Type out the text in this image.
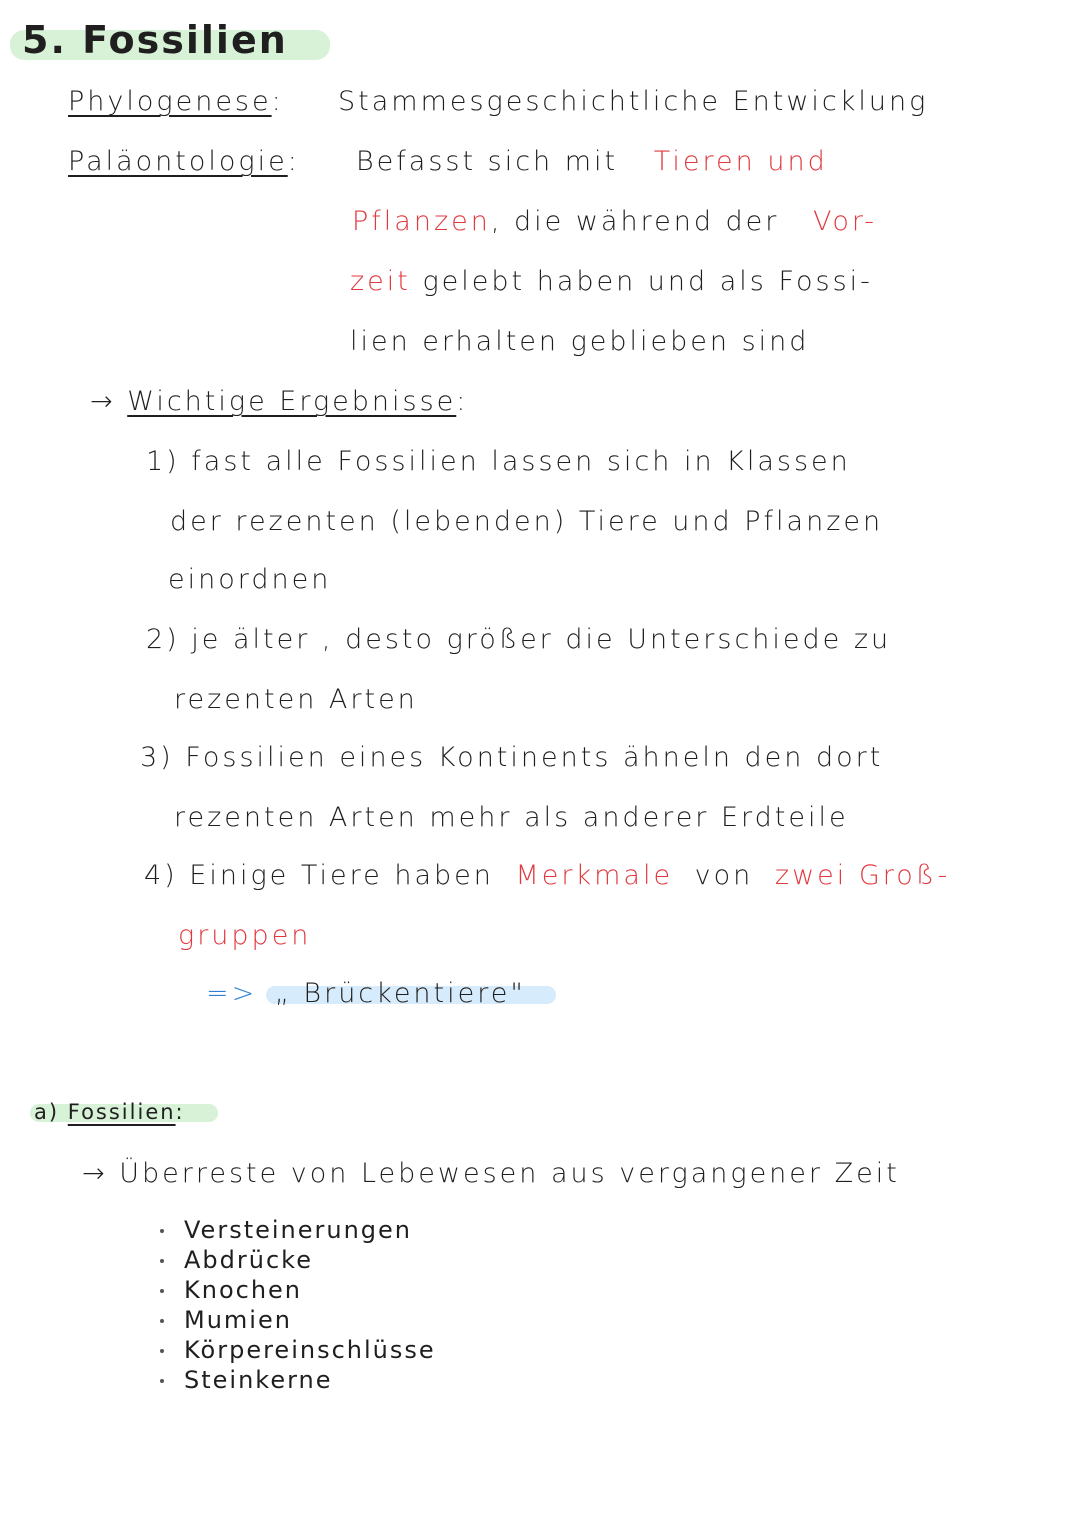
5. Fossilien
Phylogenese: Stammesgeschichtliche Entwicklung
Paläontologie: Befasst sich mit Tieren und
Pflanzen, die während der Vor-
zeit gelebt haben und als Fossi-
lien erhalten geblieben sind
→ Wichtige Ergebnisse:
1) fast alle Fossilien lassen sich in Klassen
der rezenten (lebenden) Tiere und Pflanzen
einordnen
2) je älter , desto größer die Unterschiede zu
rezenten Arten
3) Fossilien eines Kontinents ähneln den dort
rezenten Arten mehr als anderer Erdteile
4) Einige Tiere haben Merkmale von zwei Groß-
gruppen
=> „ Brückentiere"
a) Fossilien:
→ Überreste von Lebewesen aus vergangener Zeit
Versteinerungen
Abdrücke
Knochen
Mumien
Körpereinschlüsse
Steinkerne
